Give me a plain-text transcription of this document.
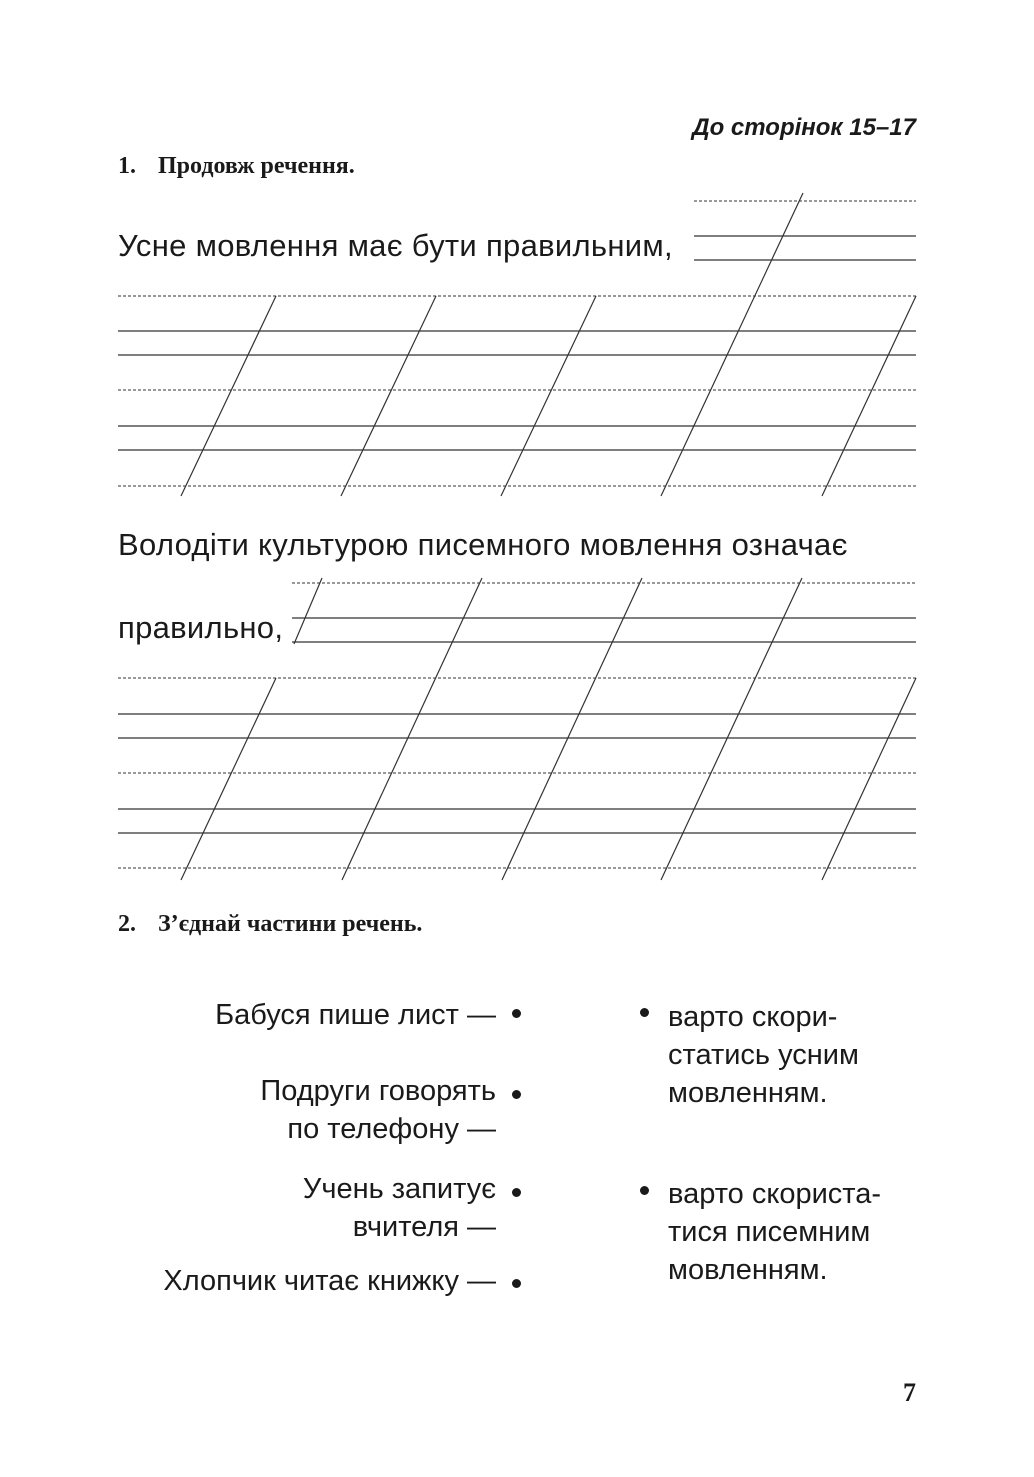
До сторінок 15–17
1. Продовж речення.
Усне мовлення має бути правильним,
Володіти культурою писемного мовлення означає
правильно,
2. З’єднай частини речень.
Бабуся пише лист —
Подруги говорять
по телефону —
Учень запитує
вчителя —
Хлопчик читає книжку —
варто скори-
статись усним
мовленням.
варто скориста-
тися писемним
мовленням.
7
